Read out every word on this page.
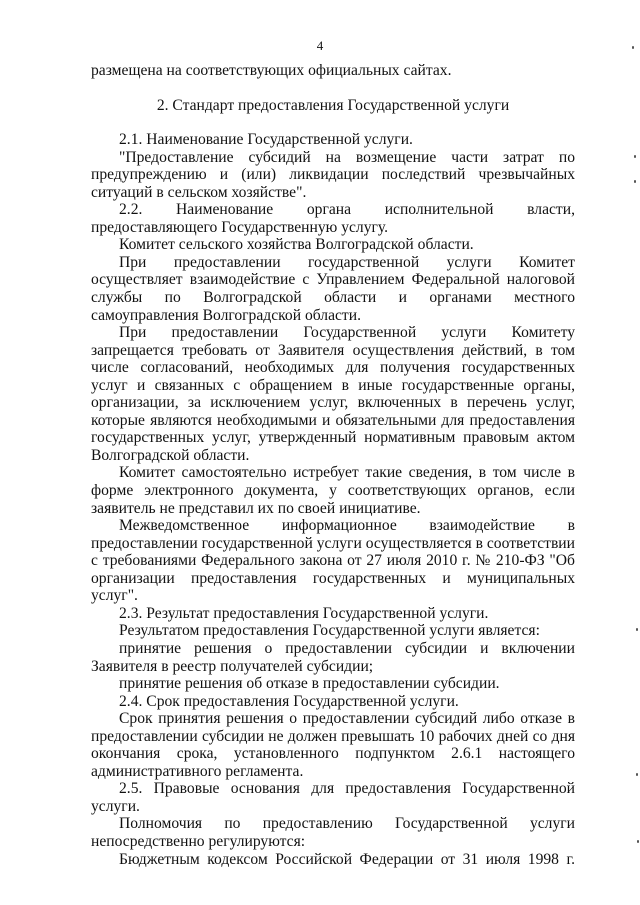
4

размещена на соответствующих официальных сайтах.

2. Стандарт предоставления Государственной услуги

2.1. Наименование Государственной услуги.

"Предоставление субсидий на возмещение части затрат по предупреждению и (или) ликвидации последствий чрезвычайных ситуаций в сельском хозяйстве".

2.2. Наименование органа исполнительной власти, предоставляющего Государственную услугу.

Комитет сельского хозяйства Волгоградской области.

При предоставлении государственной услуги Комитет осуществляет взаимодействие с Управлением Федеральной налоговой службы по Волгоградской области и органами местного самоуправления Волгоградской области.

При предоставлении Государственной услуги Комитету запрещается требовать от Заявителя осуществления действий, в том числе согласований, необходимых для получения государственных услуг и связанных с обращением в иные государственные органы, организации, за исключением услуг, включенных в перечень услуг, которые являются необходимыми и обязательными для предоставления государственных услуг, утвержденный нормативным правовым актом Волгоградской области.

Комитет самостоятельно истребует такие сведения, в том числе в форме электронного документа, у соответствующих органов, если заявитель не представил их по своей инициативе.

Межведомственное информационное взаимодействие в предоставлении государственной услуги осуществляется в соответствии с требованиями Федерального закона от 27 июля 2010 г. № 210-ФЗ "Об организации предоставления государственных и муниципальных услуг".

2.3. Результат предоставления Государственной услуги.

Результатом предоставления Государственной услуги является:

принятие решения о предоставлении субсидии и включении Заявителя в реестр получателей субсидии;

принятие решения об отказе в предоставлении субсидии.

2.4. Срок предоставления Государственной услуги.

Срок принятия решения о предоставлении субсидий либо отказе в предоставлении субсидии не должен превышать 10 рабочих дней со дня окончания срока, установленного подпунктом 2.6.1 настоящего административного регламента.

2.5. Правовые основания для предоставления Государственной услуги.

Полномочия по предоставлению Государственной услуги непосредственно регулируются:

Бюджетным кодексом Российской Федерации от 31 июля 1998 г.
